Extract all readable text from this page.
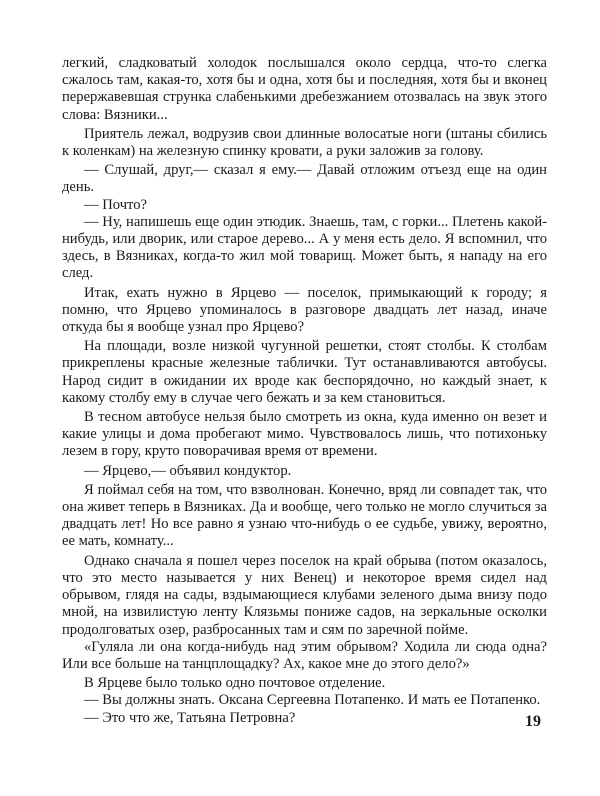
легкий, сладковатый холодок послышался около сердца, что-то слегка сжалось там, какая-то, хотя бы и одна, хотя бы и последняя, хотя бы и вконец перержавевшая струнка слабенькими дребезжанием отозвалась на звук этого слова: Вязники...

Приятель лежал, водрузив свои длинные волосатые ноги (штаны сбились к коленкам) на железную спинку кровати, а руки заложив за голову.

— Слушай, друг,— сказал я ему.— Давай отложим отъезд еще на один день.

— Почто?

— Ну, напишешь еще один этюдик. Знаешь, там, с горки... Плетень какой-нибудь, или дворик, или старое дерево... А у меня есть дело. Я вспомнил, что здесь, в Вязниках, когда-то жил мой товарищ. Может быть, я нападу на его след.

Итак, ехать нужно в Ярцево — поселок, примыкающий к городу; я помню, что Ярцево упоминалось в разговоре двадцать лет назад, иначе откуда бы я вообще узнал про Ярцево?

На площади, возле низкой чугунной решетки, стоят столбы. К столбам прикреплены красные железные таблички. Тут останавливаются автобусы. Народ сидит в ожидании их вроде как беспорядочно, но каждый знает, к какому столбу ему в случае чего бежать и за кем становиться.

В тесном автобусе нельзя было смотреть из окна, куда именно он везет и какие улицы и дома пробегают мимо. Чувствовалось лишь, что потихоньку лезем в гору, круто поворачивая время от времени.

— Ярцево,— объявил кондуктор.

Я поймал себя на том, что взволнован. Конечно, вряд ли совпадет так, что она живет теперь в Вязниках. Да и вообще, чего только не могло случиться за двадцать лет! Но все равно я узнаю что-нибудь о ее судьбе, увижу, вероятно, ее мать, комнату...

Однако сначала я пошел через поселок на край обрыва (потом оказалось, что это место называется у них Венец) и некоторое время сидел над обрывом, глядя на сады, вздымающиеся клубами зеленого дыма внизу подо мной, на извилистую ленту Клязьмы пониже садов, на зеркальные осколки продолговатых озер, разбросанных там и сям по заречной пойме.

«Гуляла ли она когда-нибудь над этим обрывом? Ходила ли сюда одна? Или все больше на танцплощадку? Ах, какое мне до этого дело?»

В Ярцеве было только одно почтовое отделение.

— Вы должны знать. Оксана Сергеевна Потапенко. И мать ее Потапенко.

— Это что же, Татьяна Петровна?	19
